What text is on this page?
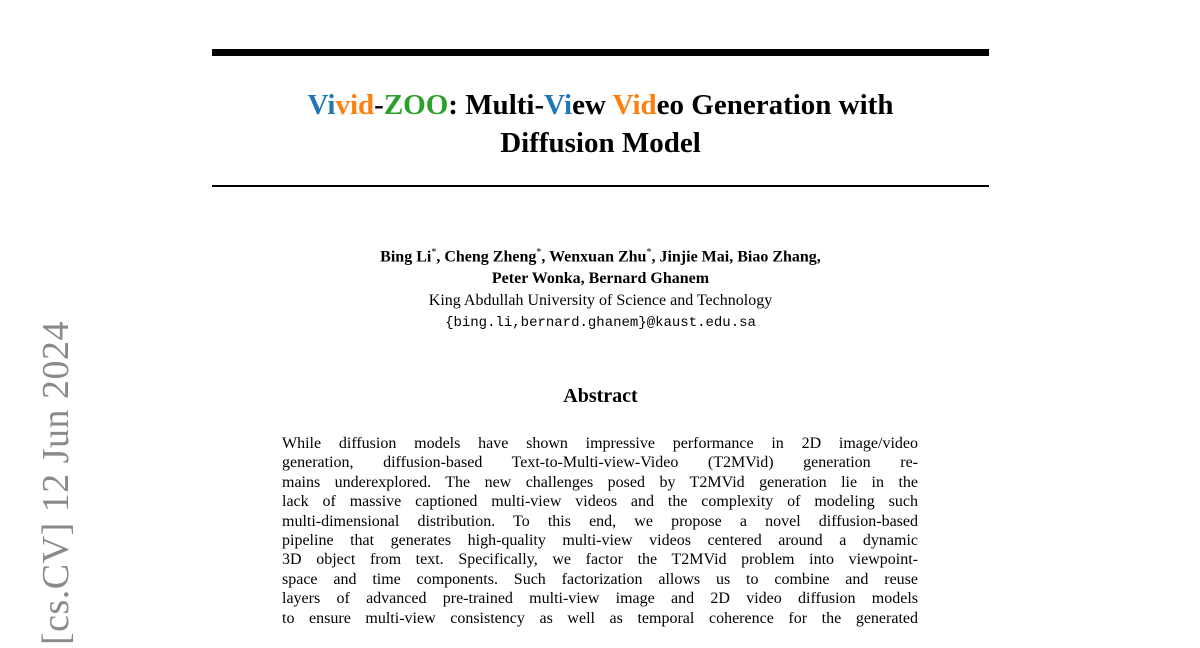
Vivid-ZOO: Multi-View Video Generation with
Diffusion Model
Bing Li*, Cheng Zheng*, Wenxuan Zhu*, Jinjie Mai, Biao Zhang,
Peter Wonka, Bernard Ghanem
King Abdullah University of Science and Technology
{bing.li,bernard.ghanem}@kaust.edu.sa
Abstract
While diffusion models have shown impressive performance in 2D image/video
generation, diffusion-based Text-to-Multi-view-Video (T2MVid) generation re-
mains underexplored. The new challenges posed by T2MVid generation lie in the
lack of massive captioned multi-view videos and the complexity of modeling such
multi-dimensional distribution. To this end, we propose a novel diffusion-based
pipeline that generates high-quality multi-view videos centered around a dynamic
3D object from text. Specifically, we factor the T2MVid problem into viewpoint-
space and time components. Such factorization allows us to combine and reuse
layers of advanced pre-trained multi-view image and 2D video diffusion models
to ensure multi-view consistency as well as temporal coherence for the generated
[cs.CV] 12 Jun 2024
